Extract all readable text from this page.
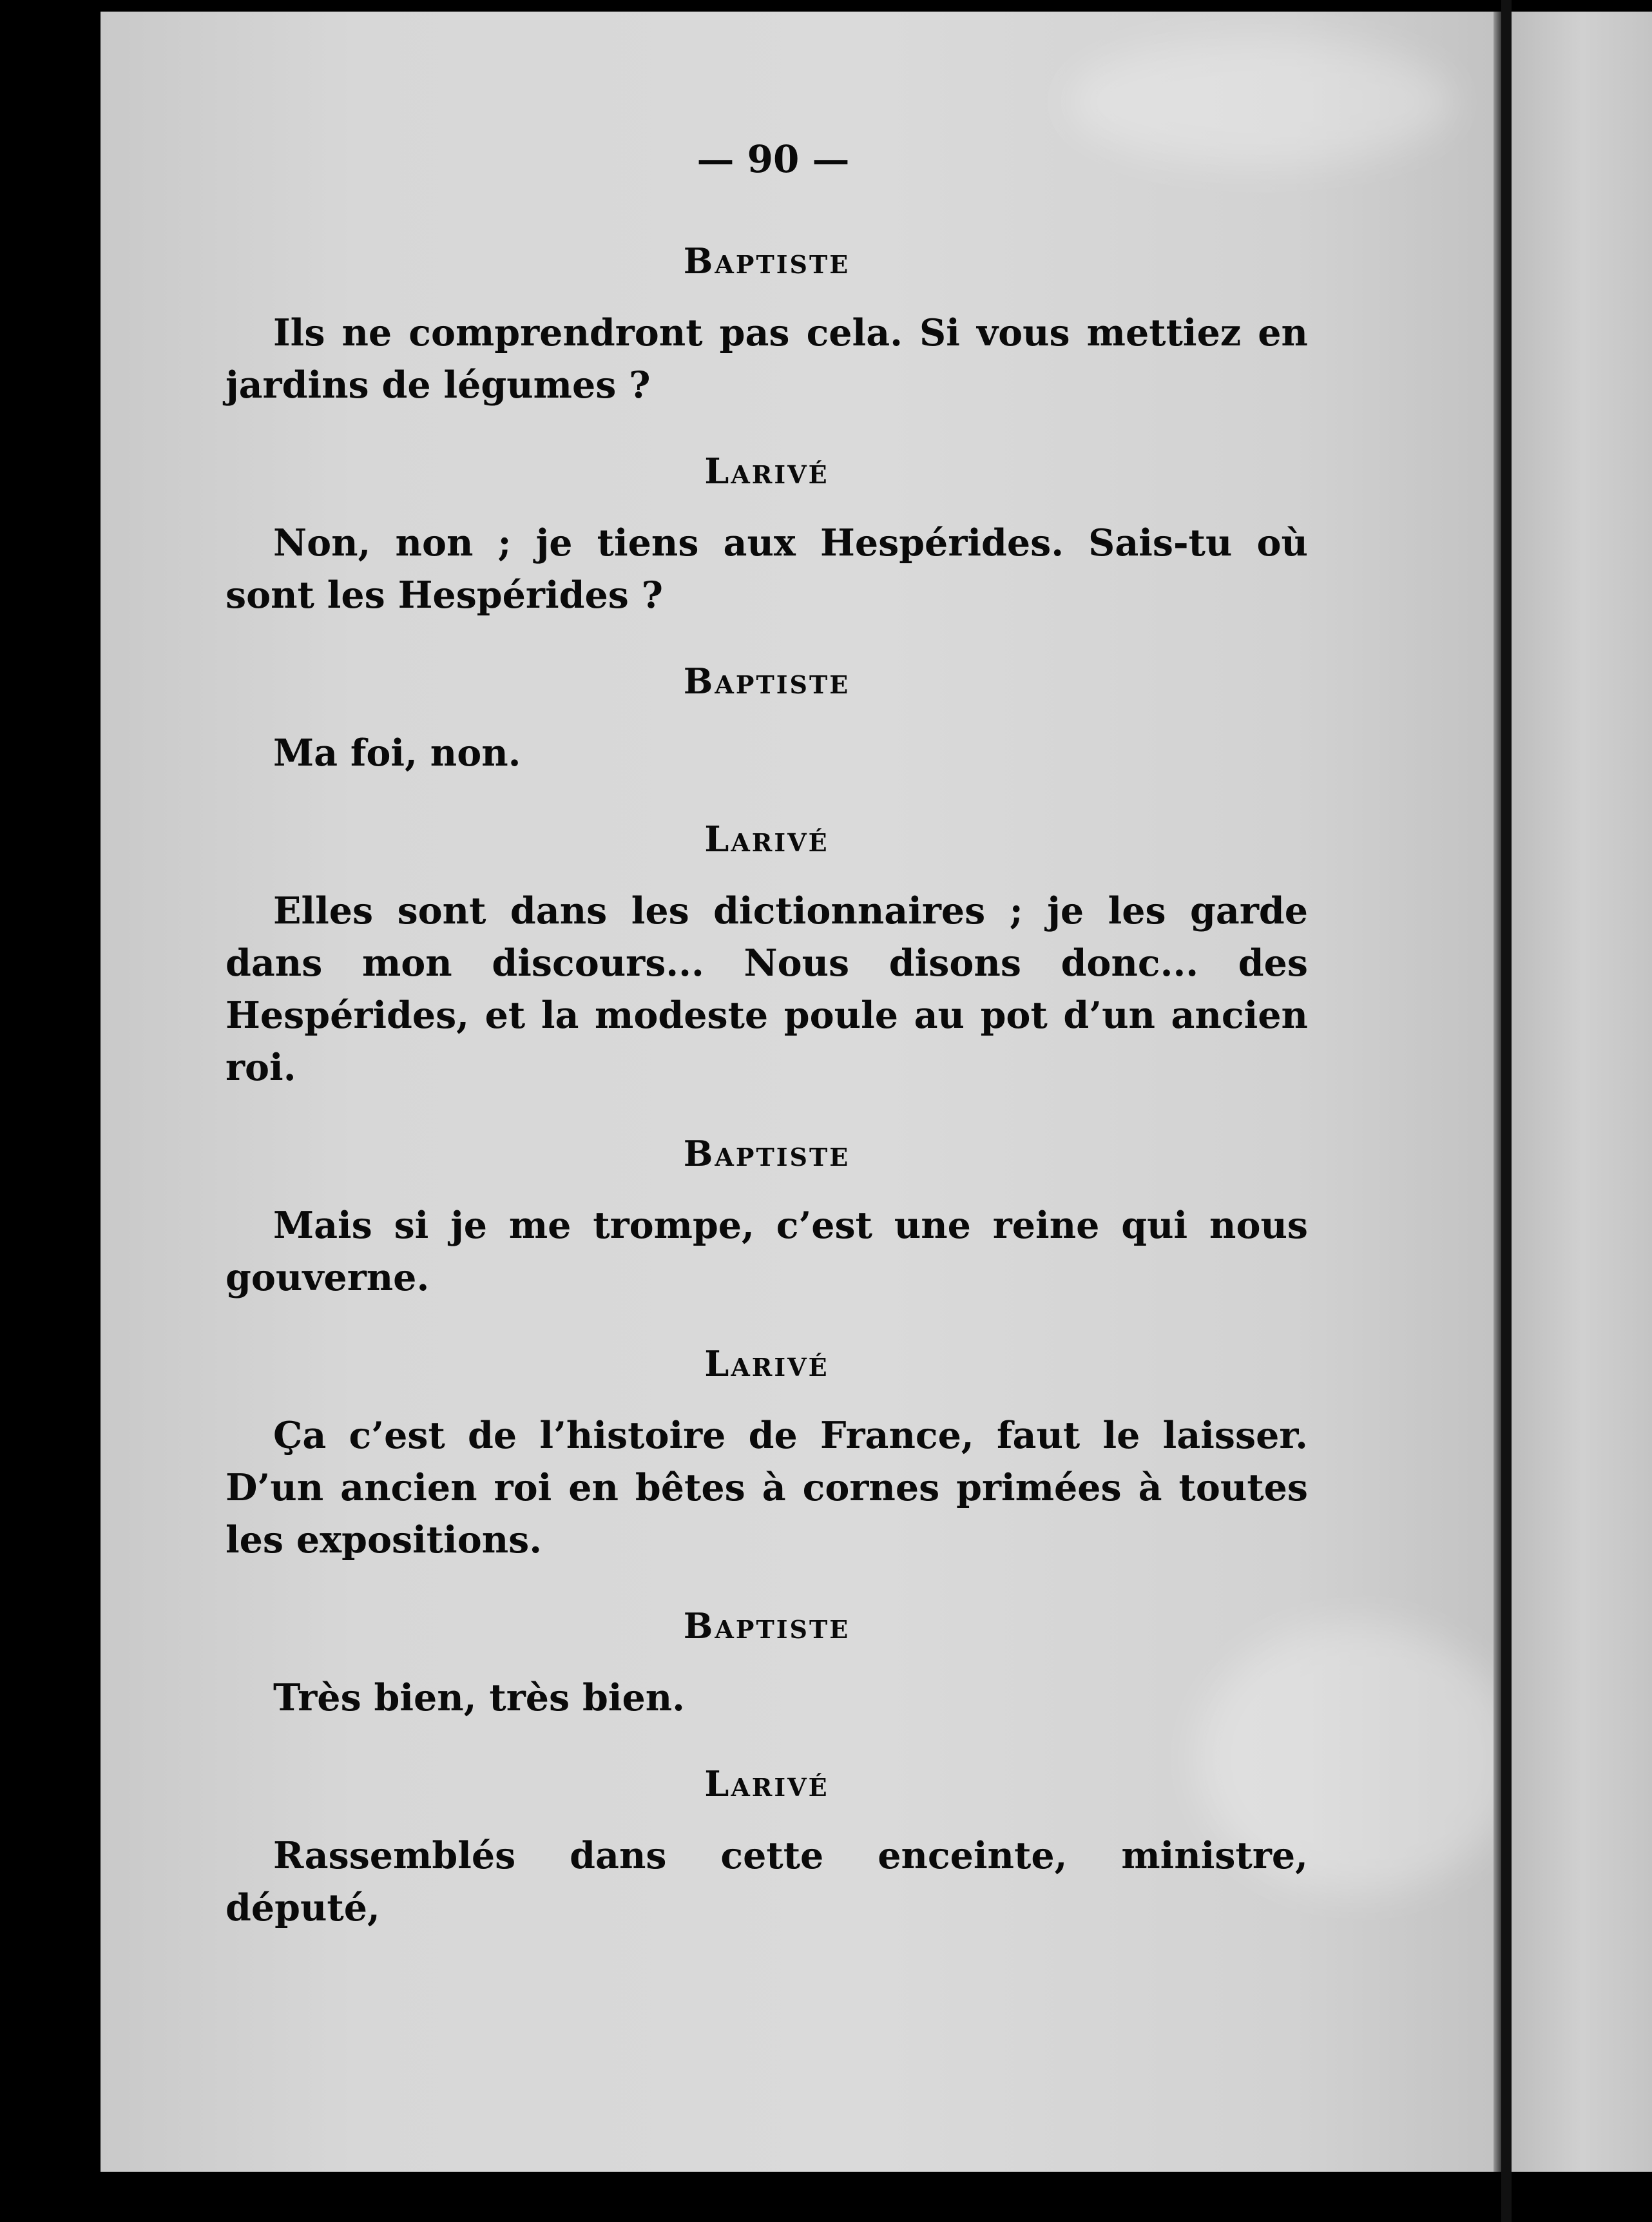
— 90 —
Baptiste

Ils ne comprendront pas cela. Si vous mettiez en jardins de légumes ?

Larivé

Non, non ; je tiens aux Hespérides. Sais-tu où sont les Hespérides ?

Baptiste

Ma foi, non.

Larivé

Elles sont dans les dictionnaires ; je les garde dans mon discours... Nous disons donc... des Hespérides, et la modeste poule au pot d’un ancien roi.

Baptiste

Mais si je me trompe, c’est une reine qui nous gouverne.

Larivé

Ça c’est de l’histoire de France, faut le laisser. D’un ancien roi en bêtes à cornes primées à toutes les expositions.

Baptiste

Très bien, très bien.

Larivé

Rassemblés dans cette enceinte, ministre, député,
